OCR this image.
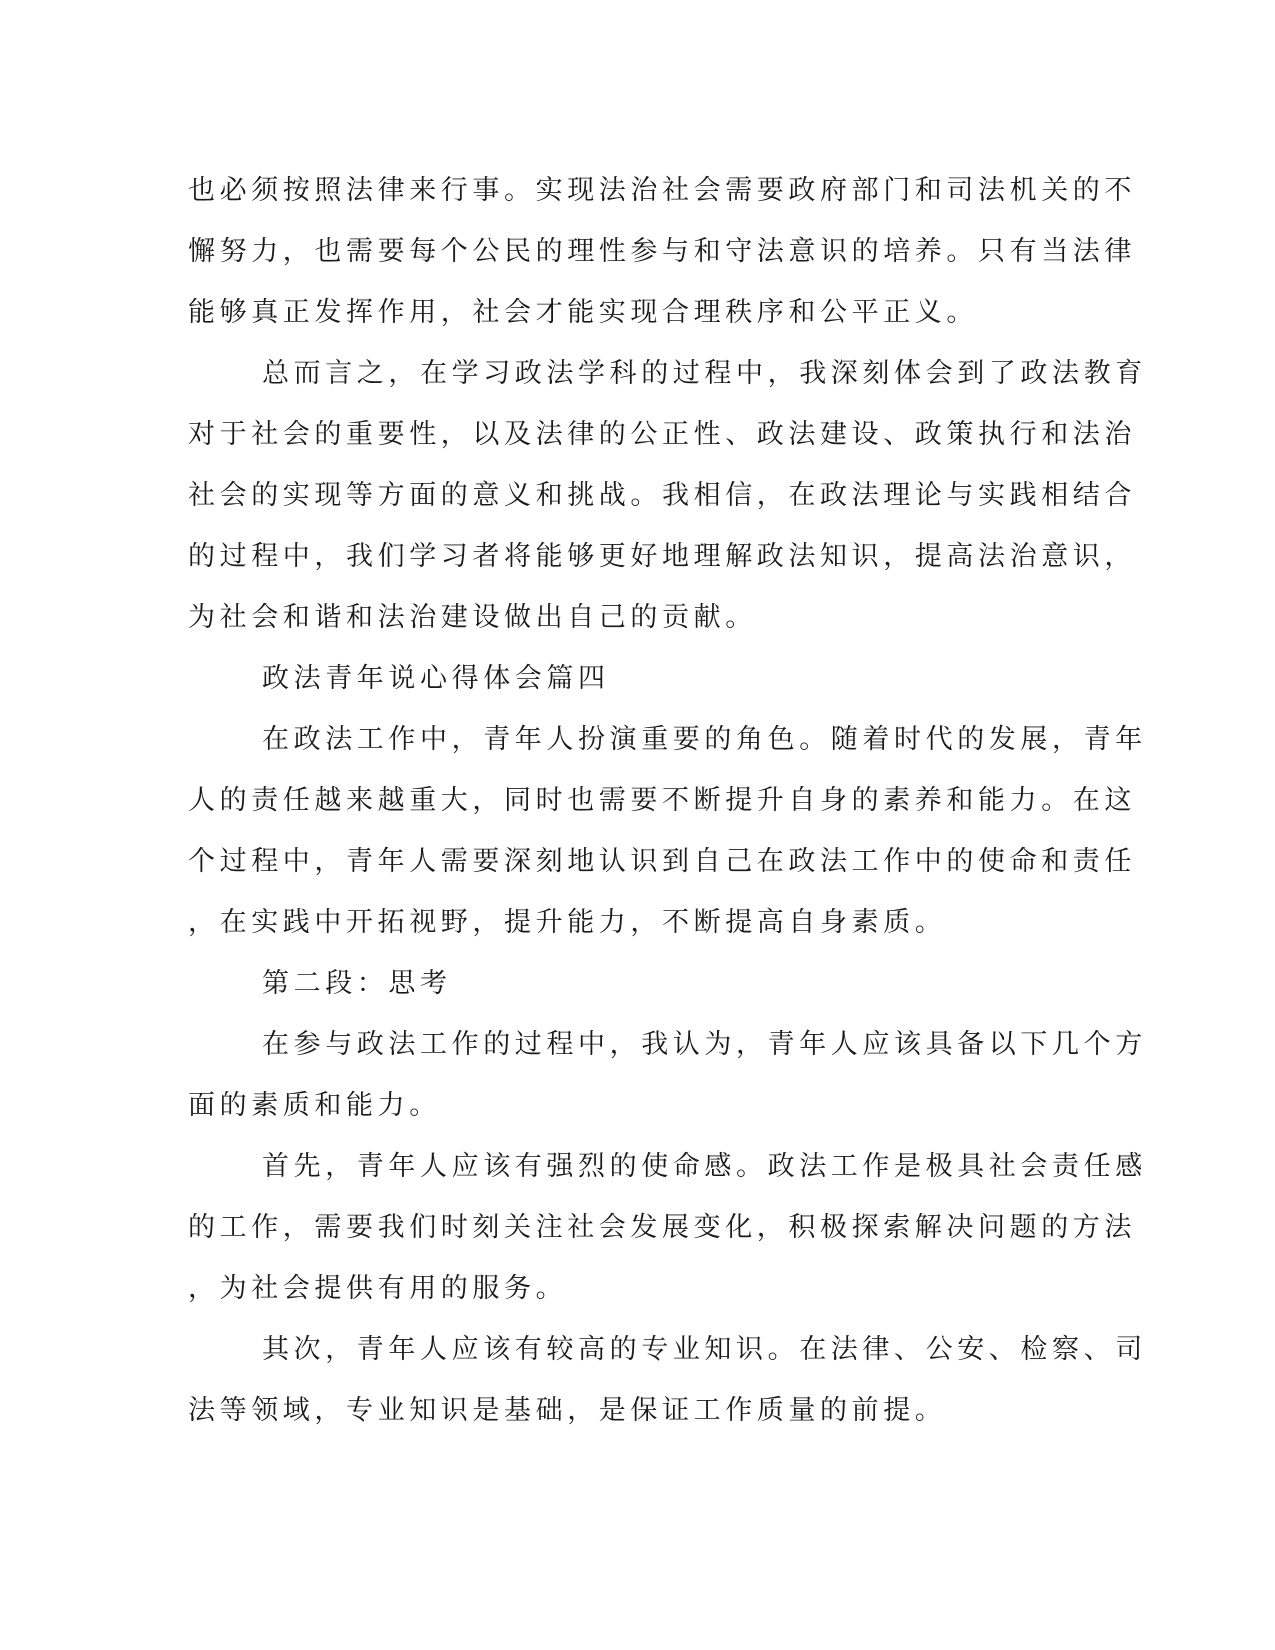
也必须按照法律来行事。实现法治社会需要政府部门和司法机关的不
懈努力，也需要每个公民的理性参与和守法意识的培养。只有当法律
能够真正发挥作用，社会才能实现合理秩序和公平正义。
总而言之，在学习政法学科的过程中，我深刻体会到了政法教育
对于社会的重要性，以及法律的公正性、政法建设、政策执行和法治
社会的实现等方面的意义和挑战。我相信，在政法理论与实践相结合
的过程中，我们学习者将能够更好地理解政法知识，提高法治意识，
为社会和谐和法治建设做出自己的贡献。
政法青年说心得体会篇四
在政法工作中，青年人扮演重要的角色。随着时代的发展，青年
人的责任越来越重大，同时也需要不断提升自身的素养和能力。在这
个过程中，青年人需要深刻地认识到自己在政法工作中的使命和责任
，在实践中开拓视野，提升能力，不断提高自身素质。
第二段：思考
在参与政法工作的过程中，我认为，青年人应该具备以下几个方
面的素质和能力。
首先，青年人应该有强烈的使命感。政法工作是极具社会责任感
的工作，需要我们时刻关注社会发展变化，积极探索解决问题的方法
，为社会提供有用的服务。
其次，青年人应该有较高的专业知识。在法律、公安、检察、司
法等领域，专业知识是基础，是保证工作质量的前提。
